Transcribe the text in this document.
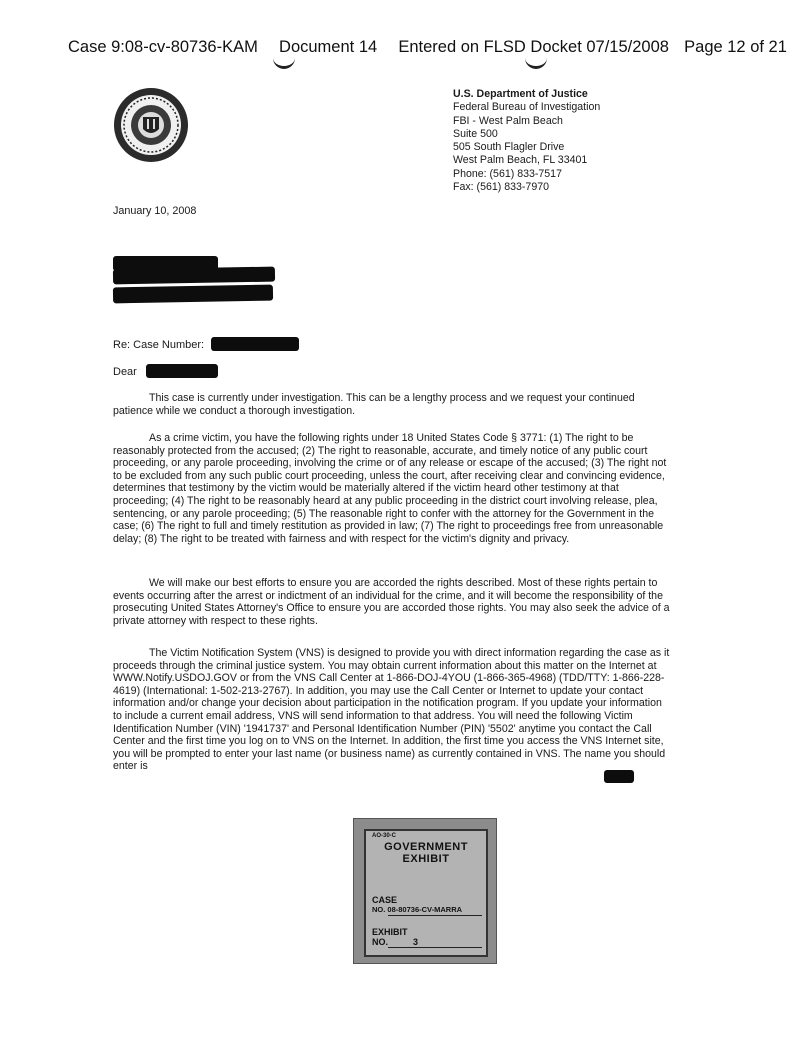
Case 9:08-cv-80736-KAM Document 14 Entered on FLSD Docket 07/15/2008 Page 12 of 21
U.S. Department of Justice
Federal Bureau of Investigation
FBI - West Palm Beach
Suite 500
505 South Flagler Drive
West Palm Beach, FL 33401
Phone: (561) 833-7517
Fax: (561) 833-7970
January 10, 2008
Re: Case Number:
Dear

This case is currently under investigation. This can be a lengthy process and we request your continued patience while we conduct a thorough investigation.

As a crime victim, you have the following rights under 18 United States Code § 3771: (1) The right to be reasonably protected from the accused; (2) The right to reasonable, accurate, and timely notice of any public court proceeding, or any parole proceeding, involving the crime or of any release or escape of the accused; (3) The right not to be excluded from any such public court proceeding, unless the court, after receiving clear and convincing evidence, determines that testimony by the victim would be materially altered if the victim heard other testimony at that proceeding; (4) The right to be reasonably heard at any public proceeding in the district court involving release, plea, sentencing, or any parole proceeding; (5) The reasonable right to confer with the attorney for the Government in the case; (6) The right to full and timely restitution as provided in law; (7) The right to proceedings free from unreasonable delay; (8) The right to be treated with fairness and with respect for the victim's dignity and privacy.

We will make our best efforts to ensure you are accorded the rights described. Most of these rights pertain to events occurring after the arrest or indictment of an individual for the crime, and it will become the responsibility of the prosecuting United States Attorney's Office to ensure you are accorded those rights. You may also seek the advice of a private attorney with respect to these rights.

The Victim Notification System (VNS) is designed to provide you with direct information regarding the case as it proceeds through the criminal justice system. You may obtain current information about this matter on the Internet at WWW.Notify.USDOJ.GOV or from the VNS Call Center at 1-866-DOJ-4YOU (1-866-365-4968) (TDD/TTY: 1-866-228-4619) (International: 1-502-213-2767). In addition, you may use the Call Center or Internet to update your contact information and/or change your decision about participation in the notification program. If you update your information to include a current email address, VNS will send information to that address. You will need the following Victim Identification Number (VIN) '1941737' and Personal Identification Number (PIN) '5502' anytime you contact the Call Center and the first time you log on to VNS on the Internet. In addition, the first time you access the VNS Internet site, you will be prompted to enter your last name (or business name) as currently contained in VNS. The name you should enter is

AO-30-C
GOVERNMENT
EXHIBIT
CASE
NO. 08-80736-CV-MARRA
EXHIBIT
NO.          3
